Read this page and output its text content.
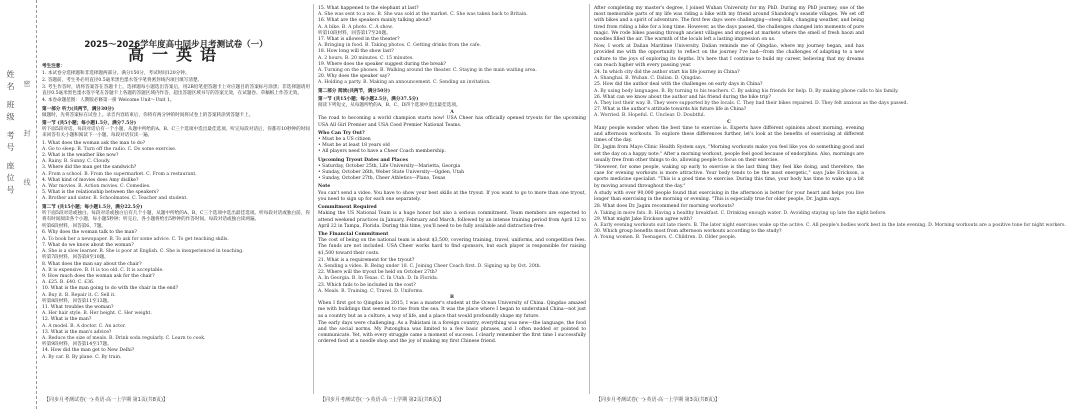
姓名 班级 考号 座位号 密 封 线
2025～2026学年度高中同步月考测试卷（一）
高一英语
考生注意：
1. 本试卷分选择题和非选择题两部分。满分150分，考试时间120分钟。
2. 答题前，考生务必用直径0.5毫米黑色墨水签字笔将密封线内项目填写清楚。
3. 考生作答时，请将答案答在答题卡上。选择题每小题选出答案后，用2B铅笔把答题卡上对应题目的答案标号涂黑；非选择题请用直径0.5毫米黑色墨水签字笔在答题卡上各题的答题区域内作答，超出答题区域书写的答案无效，在试题卷、草稿纸上作答无效。
4. 本卷命题范围：人教版必修第一册 Welcome Unit～Unit 1。
第一部分 听力(共两节，满分30分)
做题时，先将答案标在试卷上。录音内容结束后，你将有两分钟的时间将试卷上的答案转涂到答题卡上。
第一节 (共5小题；每小题1.5分，满分7.5分)
听下面5段对话。每段对话后有一个小题，从题中所给的A、B、C三个选项中选出最佳选项。听完每段对话后，你都有10秒钟的时间来回答有关小题和阅读下一小题。每段对话仅读一遍。
1. What does the woman ask the man to do?
A. Go to sleep. B. Turn off the radio. C. Do some exercise.
2. What is the weather like now?
A. Rainy. B. Sunny. C. Cloudy.
3. Where did the man get the sandwich?
A. From a school. B. From the supermarket. C. From a restaurant.
4. What kind of movies does Amy dislike?
A. War movies. B. Action movies. C. Comedies.
5. What is the relationship between the speakers?
A. Brother and sister. B. Schoolmates. C. Teacher and student.
第二节 (共15小题；每小题1.5分，满分22.5分)
听下面5段对话或独白。每段对话或独白后有几个小题，从题中所给的A、B、C三个选项中选出最佳选项。听每段对话或独白前，你将有时间阅读各个小题，每小题5秒钟；听完后，各小题将给出5秒钟的作答时间。每段对话或独白读两遍。
听第6段材料，回答第6、7题。
6. Why does the woman talk to the man?
A. To book her a newspaper. B. To ask for some advice. C. To get teaching skills.
7. What do we know about the woman?
A. She is a slow learner. B. She is poor at English. C. She is inexperienced in teaching.
听第7段材料，回答第8至10题。
8. What does the man say about the chair?
A. It is expensive. B. It is too old. C. It is acceptable.
9. How much does the woman ask for the chair?
A. £25. B. £40. C. £36.
10. What is the man going to do with the chair in the end?
A. Buy it. B. Repair it. C. Sell it.
听第8段材料，回答第11至13题。
11. What troubles the woman?
A. Her hair style. B. Her height. C. Her weight.
12. What is the man?
A. A model. B. A doctor. C. An actor.
13. What is the man's advice?
A. Reduce the size of meals. B. Drink soda regularly. C. Learn to cook.
听第9段材料，回答第14至17题。
14. How did the man get to New Delhi?
A. By car. B. By plane. C. By train.
15. What happened to the elephant at last?
A. She was sent to a zoo. B. She was sold at the market. C. She was taken back to Britain.
16. What are the speakers mainly talking about?
A. A bike. B. A photo. C. A show.
听第10段材料，回答第17至20题。
17. What is allowed in the theater?
A. Bringing in food. B. Taking photos. C. Getting drinks from the cafe.
18. How long will the show last?
A. 2 hours. B. 20 minutes. C. 15 minutes.
19. Where does the speaker suggest during the break?
A. Turning on the phones. B. Walking around the theater. C. Staying in the main waiting area.
20. Why does the speaker say?
A. Holding a party. B. Making an announcement. C. Sending an invitation.
第二部分 阅读(共两节，满分50分)
第一节 (共15小题；每小题2.5分，满分37.5分)
阅读下列短文，从每题所给的A、B、C、D四个选项中选出最佳选项。
A
The road to becoming a world champion starts now! USA Cheer has officially opened tryouts for the upcoming USA All Girl Premier and USA Coed Premier National Teams.
Who Can Try Out?
• Must be a US citizen
• Must be at least 18 years old
• All players need to have a Cheer Coach membership.
Upcoming Tryout Dates and Places
• Saturday, October 25th, Life University—Marietta, Georgia
• Sunday, October 26th, Weber State University—Ogden, Utah
• Sunday, October 27th, Cheer Athletics—Plano, Texas
Note
You can't send a video. You have to show your best skills at the tryout. If you want to go to more than one tryout, you need to sign up for each one separately.
Commitment Required
Making the US National Team is a huge honor but also a serious commitment. Team members are expected to attend weekend practices in January, February and March, followed by an intense training period from April 12 to April 22 in Tampa, Florida. During this time, you'll need to be fully available and distraction-free.
The Financial Commitment
The cost of being on the national team is about $3,500, covering training, travel, uniforms, and competition fees. The funds are not included. USA Cheer works hard to find sponsors, but each player is responsible for raising $1,500 toward their costs.
21. What is a requirement for the tryout?
A. Sending a video. B. Being under 18. C. Joining Cheer Coach first. D. Signing up by Oct. 20th.
22. Where will the tryout be held on October 27th?
A. In Georgia. B. In Texas. C. In Utah. D. In Florida.
23. Which fails to be included in the cost?
A. Meals. B. Training. C. Travel. D. Uniforms.
B
When I first got to Qingdao in 2015, I was a master's student at the Ocean University of China. Qingdao amazed me with buildings that seemed to rise from the sea. It was the place where I began to understand China—not just as a country but as a culture, a way of life, and a place that would profoundly shape my future.
The early days were challenging. As a Pakistani in a foreign country, everything was new—the language, the food and the social norms. My Putonghua was limited to a few basic phrases, and I often nodded or pointed to communicate. Yet, with every struggle came a moment of success. I clearly remember the first time I successfully ordered food at a noodle shop and the joy of making my first Chinese friend.
After completing my master's degree, I joined Wuhan University for my PhD. During my PhD journey, one of the most memorable parts of my life was riding a bike with my friend around Shandong's seaside villages. We set off with bikes and a spirit of adventure. The first few days were challenging—steep hills, changing weather, and being tired from riding a bike for a long time. However, as the days passed, the challenges changed into moments of pure magic. We rode bikes passing through ancient villages and stopped at markets where the smell of fresh baozi and noodles filled the air. The warmth of the locals left a lasting impression on us.
Now, I work at Dalian Maritime University. Dalian reminds me of Qingdao, where my journey began, and has provided me with the opportunity to reflect on the journey I've had—from the challenges of adapting to a new culture to the joys of exploring its depths. It's here that I continue to build my career, believing that my dreams can reach higher with every passing year.
24. In which city did the author start his life journey in China?
A. Shanghai. B. Wuhan. C. Dalian. D. Qingdao.
25. How did the author deal with the challenges on early days in China?
A. By using body languages. B. By turning to his teachers. C. By asking his friends for help. D. By making phone calls to his family.
26. What can we know about the author and his friend during the bike trip?
A. They lost their way. B. They were supported by the locals. C. They had their bikes repaired. D. They felt anxious as the days passed.
27. What is the author's attitude towards his future life in China?
A. Worried. B. Hopeful. C. Unclear. D. Doubtful.
C
Many people wonder when the best time to exercise is. Experts have different opinions about morning, evening and afternoon workouts. To explore these differences further, let's look at the benefits of exercising at different times of the day.
Dr. Jagim from Mayo Clinic Health System says, "Morning workouts make you feel like you do something good and set the day on a happy note." After a morning workout, people feel good because of endorphins. Also, mornings are usually free from other things to do, allowing people to focus on their exercise.
"However, for some people, waking up early to exercise is the last thing they feel like doing, and therefore, the case for evening workouts is more attractive. Your body tends to be the most energetic," says Jake Erickson, a sports medicine specialist. "This is a good time to exercise. During this time, your body has time to wake up a bit by moving around throughout the day."
A study with over 90,000 people found that exercising in the afternoon is better for your heart and helps you live longer than exercising in the morning or evening. "This is especially true for older people, Dr. Jagim says.
28. What does Dr. Jagim recommend for morning workouts?
A. Taking in more fats. B. Having a healthy breakfast. C. Drinking enough water. D. Avoiding staying up late the night before.
29. What might Jake Erickson agree with?
A. Early evening workouts suit late risers. B. The later night exercises wake up the active. C. All people's bodies work best in the late evening. D. Morning workouts are a positive tone for night workers.
30. Which group benefits most from afternoon workouts according to the study?
A. Young women. B. Teenagers. C. Children. D. Older people.
【同步月考测试卷(一)·英语·高一上学期 第1页(共8页)】	【同步月考测试卷(一)·英语·高一上学期 第2页(共8页)】	【同步月考测试卷(一)·英语·高一上学期 第3页(共8页)】
